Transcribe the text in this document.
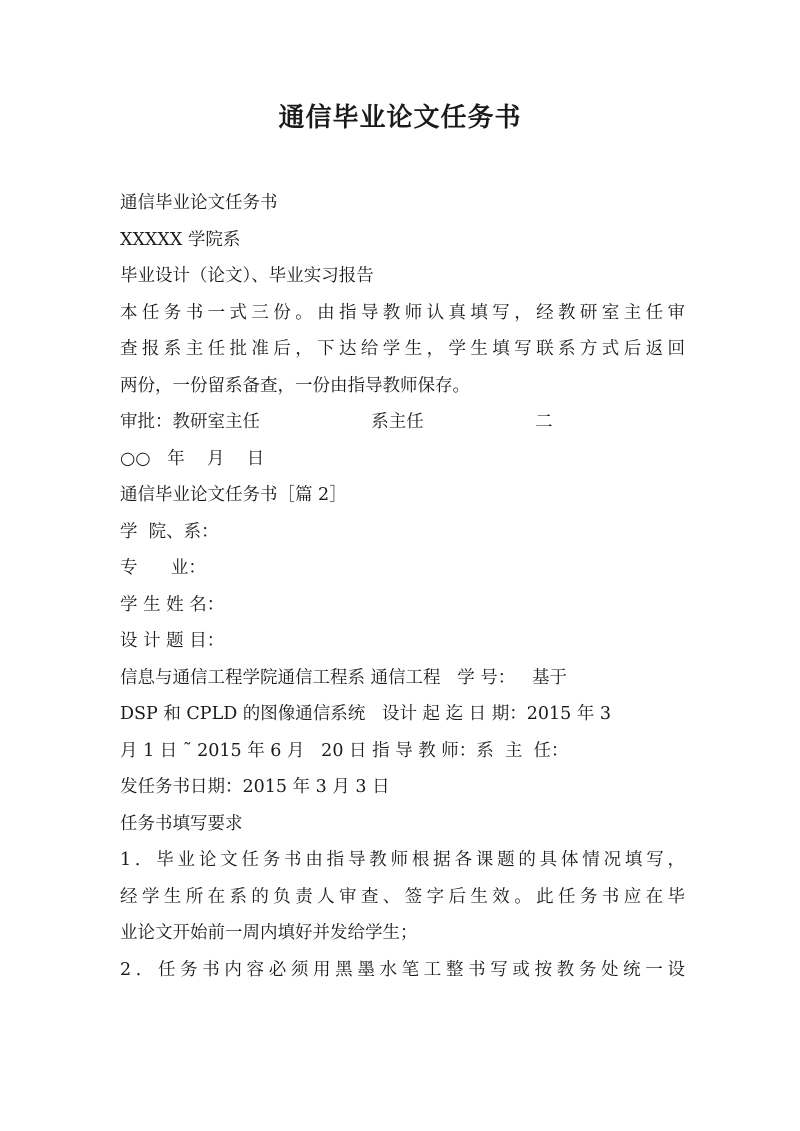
通信毕业论文任务书
通信毕业论文任务书
XXXXX 学院系
毕业设计（论文）、毕业实习报告
本任务书一式三份。由指导教师认真填写，经教研室主任审
查报系主任批准后，下达给学生，学生填写联系方式后返回
两份，一份留系备查，一份由指导教师保存。
审批：教研室主任                    系主任                    二
○○   年    月    日
通信毕业论文任务书［篇 2］
学  院、系：
专      业：
学 生 姓 名：
设 计 题 目：
信息与通信工程学院通信工程系 通信工程   学 号：   基于
DSP 和 CPLD 的图像通信系统   设计 起 迄 日 期：2015 年 3
月 1 日 ˜ 2015 年 6 月   20 日 指 导 教 师：系  主  任：
发任务书日期：2015 年 3 月 3 日
任务书填写要求
1．毕业论文任务书由指导教师根据各课题的具体情况填写，
经学生所在系的负责人审查、签字后生效。此任务书应在毕
业论文开始前一周内填好并发给学生；
2．任务书内容必须用黑墨水笔工整书写或按教务处统一设
